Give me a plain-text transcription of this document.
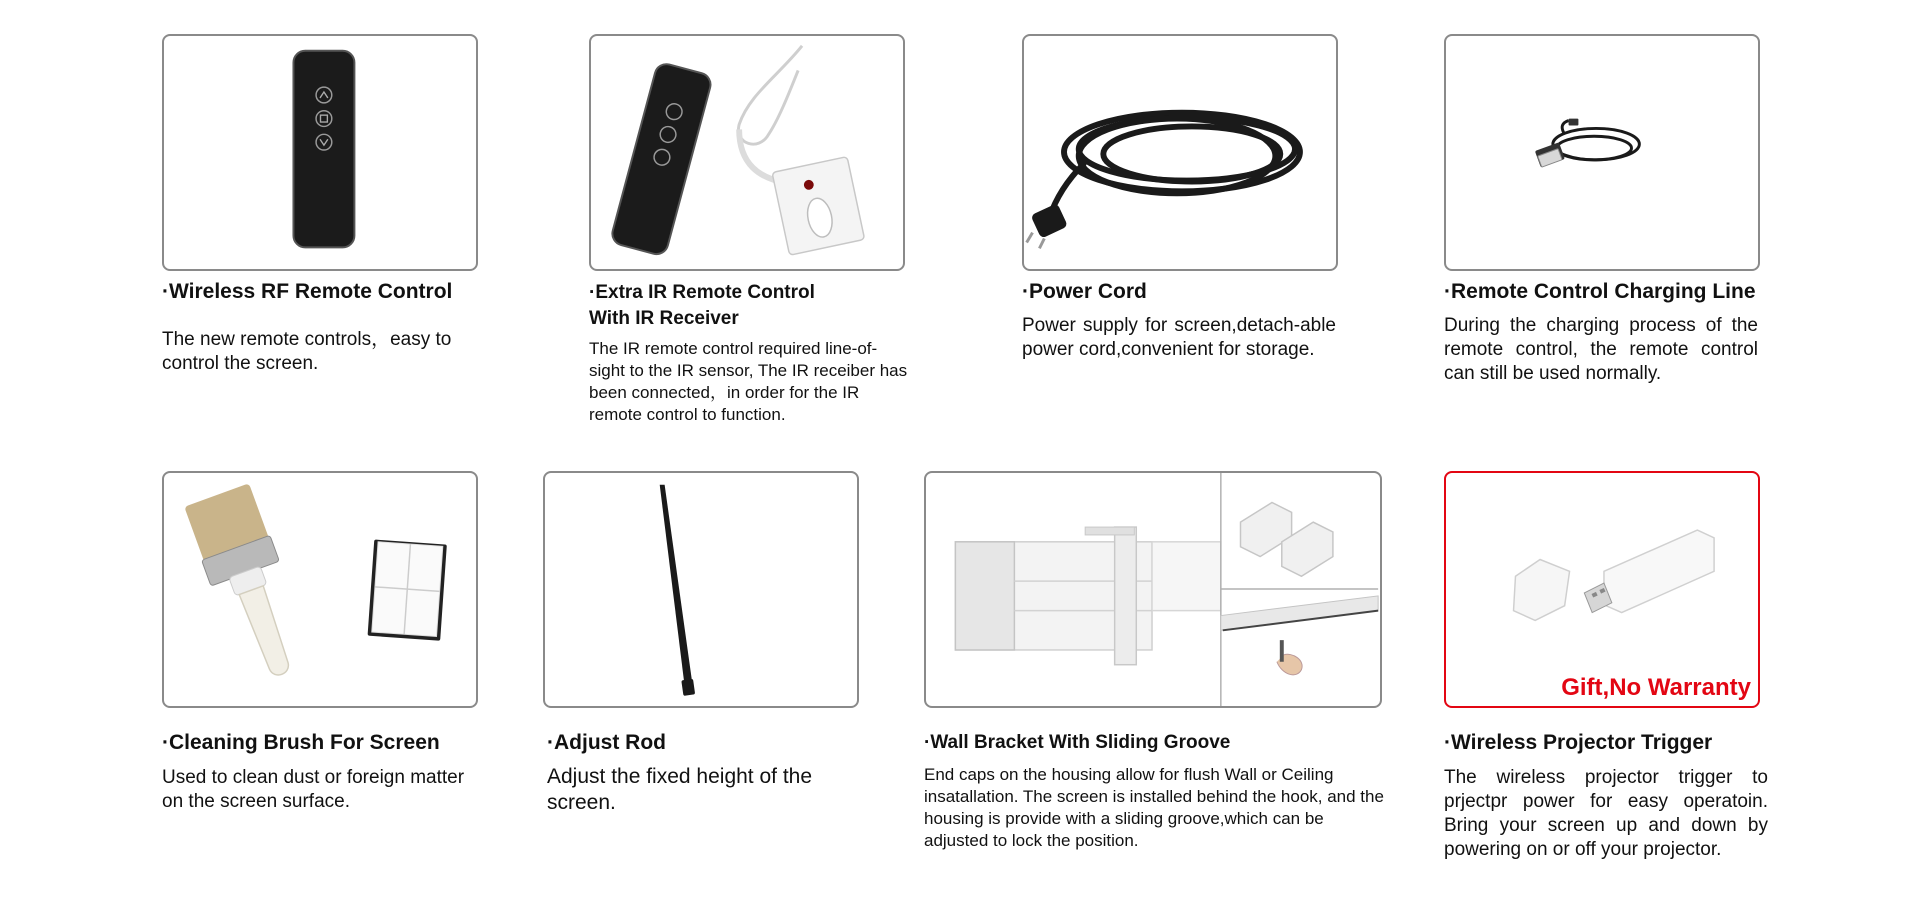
·Wireless RF Remote Control
The new remote controls，easy to control the screen.
·Extra IR Remote Control
With IR Receiver
The IR remote control required line-of-sight to the IR sensor, The IR receiber has been connected，in order for the IR remote control to function.
·Power Cord
Power supply for screen,detach-able power cord,convenient for storage.
·Remote Control Charging Line
During the charging process of the remote control, the remote control can still be used normally.
·Cleaning Brush For Screen
Used to clean dust or foreign matter on the screen surface.
·Adjust Rod
Adjust the fixed height of the screen.
·Wall Bracket With Sliding Groove
End caps on the housing allow for flush Wall or Ceiling insatallation. The screen is installed behind the hook, and the housing is provide with a sliding groove,which can be adjusted to lock the position.
Gift,No Warranty
·Wireless Projector Trigger
The wireless projector trigger to prjectpr power for easy operatoin. Bring your screen up and down by powering on or off your projector.
